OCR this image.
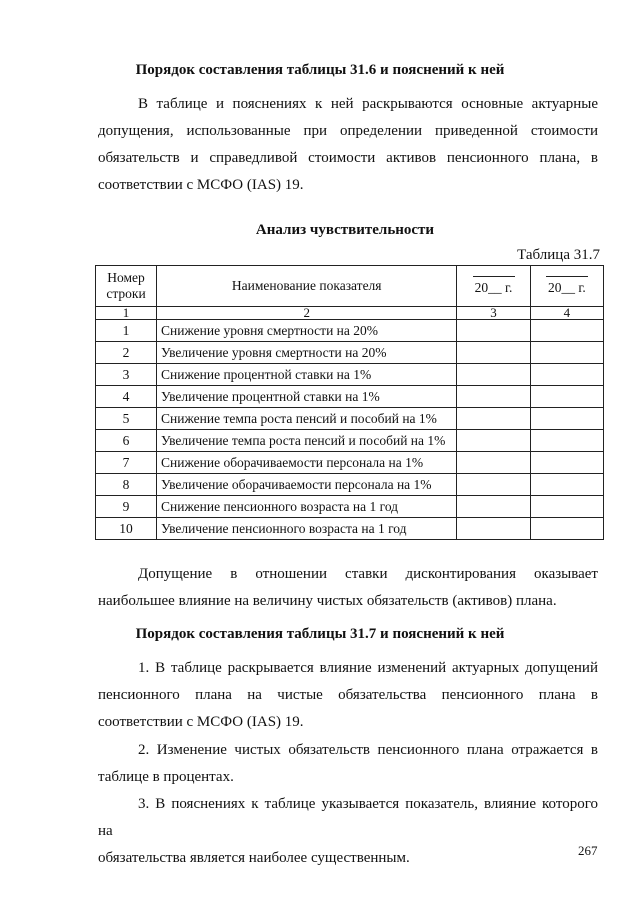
Порядок составления таблицы 31.6 и пояснений к ней
В таблице и пояснениях к ней раскрываются основные актуарные
допущения, использованные при определении приведенной стоимости
обязательств и справедливой стоимости активов пенсионного плана, в
соответствии с МСФО (IAS) 19.
Анализ чувствительности
Таблица 31.7
Номер строки	Наименование показателя	20__ г.	20__ г.
1	2	3	4
1	Снижение уровня смертности на 20%		
2	Увеличение уровня смертности на 20%		
3	Снижение процентной ставки на 1%		
4	Увеличение процентной ставки на 1%		
5	Снижение темпа роста пенсий и пособий на 1%		
6	Увеличение темпа роста пенсий и пособий на 1%		
7	Снижение оборачиваемости персонала на 1%		
8	Увеличение оборачиваемости персонала на 1%		
9	Снижение пенсионного возраста на 1 год		
10	Увеличение пенсионного возраста на 1 год		
Допущение в отношении ставки дисконтирования оказывает
наибольшее влияние на величину чистых обязательств (активов) плана.
Порядок составления таблицы 31.7 и пояснений к ней
1. В таблице раскрывается влияние изменений актуарных допущений
пенсионного плана на чистые обязательства пенсионного плана в
соответствии с МСФО (IAS) 19.
2. Изменение чистых обязательств пенсионного плана отражается в
таблице в процентах.
3. В пояснениях к таблице указывается показатель, влияние которого на
обязательства является наиболее существенным.	267
